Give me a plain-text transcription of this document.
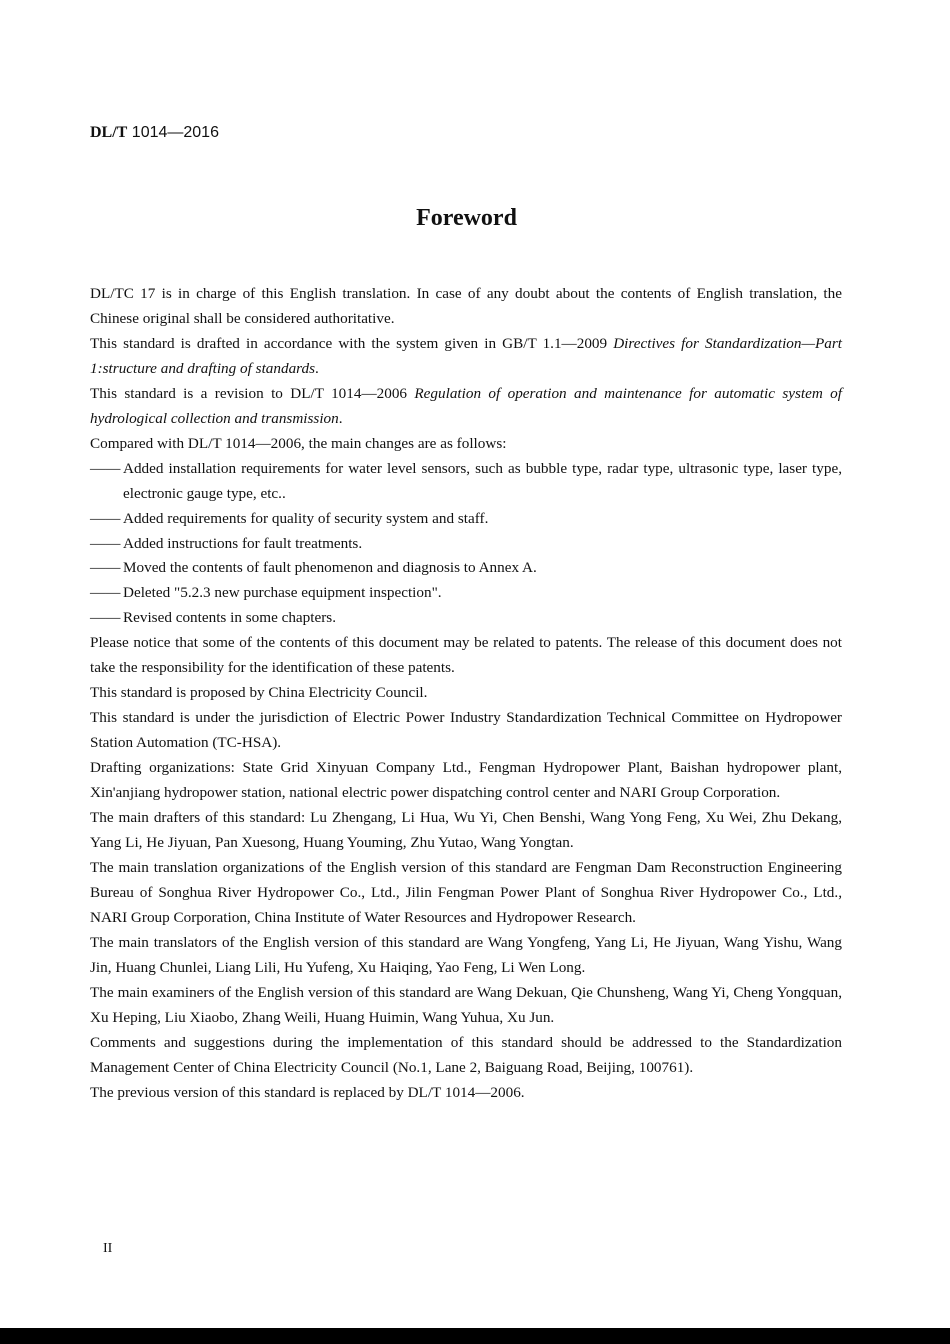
DL/T 1014—2016
Foreword

DL/TC 17 is in charge of this English translation. In case of any doubt about the contents of English translation, the Chinese original shall be considered authoritative.

This standard is drafted in accordance with the system given in GB/T 1.1—2009 Directives for Standardization—Part 1:structure and drafting of standards.

This standard is a revision to DL/T 1014—2006 Regulation of operation and maintenance for automatic system of hydrological collection and transmission.

Compared with DL/T 1014—2006, the main changes are as follows:

—— Added installation requirements for water level sensors, such as bubble type, radar type, ultrasonic type, laser type, electronic gauge type, etc..

—— Added requirements for quality of security system and staff.

—— Added instructions for fault treatments.

—— Moved the contents of fault phenomenon and diagnosis to Annex A.

—— Deleted "5.2.3 new purchase equipment inspection".

—— Revised contents in some chapters.

Please notice that some of the contents of this document may be related to patents. The release of this document does not take the responsibility for the identification of these patents.

This standard is proposed by China Electricity Council.

This standard is under the jurisdiction of Electric Power Industry Standardization Technical Committee on Hydropower Station Automation (TC-HSA).

Drafting organizations: State Grid Xinyuan Company Ltd., Fengman Hydropower Plant, Baishan hydropower plant, Xin'anjiang hydropower station, national electric power dispatching control center and NARI Group Corporation.

The main drafters of this standard: Lu Zhengang, Li Hua, Wu Yi, Chen Benshi, Wang Yong Feng, Xu Wei, Zhu Dekang, Yang Li, He Jiyuan, Pan Xuesong, Huang Youming, Zhu Yutao, Wang Yongtan.

The main translation organizations of the English version of this standard are Fengman Dam Reconstruction Engineering Bureau of Songhua River Hydropower Co., Ltd., Jilin Fengman Power Plant of Songhua River Hydropower Co., Ltd., NARI Group Corporation, China Institute of Water Resources and Hydropower Research.

The main translators of the English version of this standard are Wang Yongfeng, Yang Li, He Jiyuan, Wang Yishu, Wang Jin, Huang Chunlei, Liang Lili, Hu Yufeng, Xu Haiqing, Yao Feng, Li Wen Long.

The main examiners of the English version of this standard are Wang Dekuan, Qie Chunsheng, Wang Yi, Cheng Yongquan, Xu Heping, Liu Xiaobo, Zhang Weili, Huang Huimin, Wang Yuhua, Xu Jun.

Comments and suggestions during the implementation of this standard should be addressed to the Standardization Management Center of China Electricity Council (No.1, Lane 2, Baiguang Road, Beijing, 100761).

The previous version of this standard is replaced by DL/T 1014—2006.

II
